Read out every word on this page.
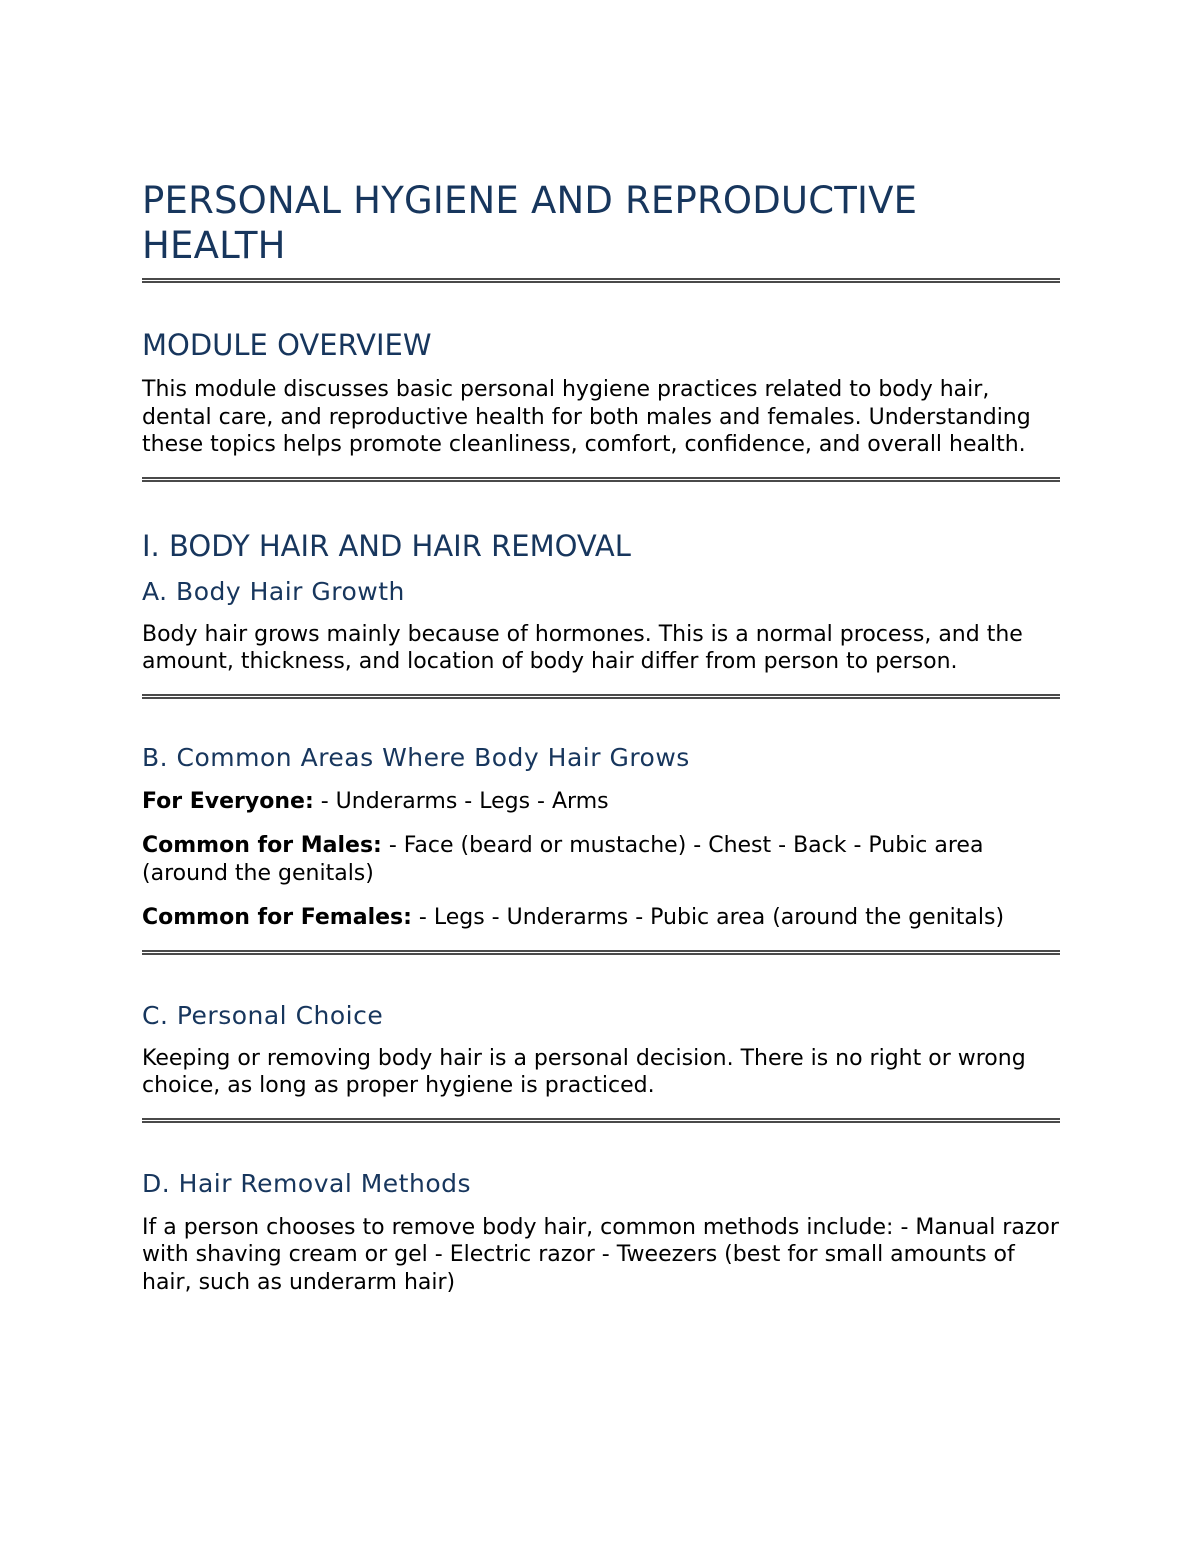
PERSONAL HYGIENE AND REPRODUCTIVE HEALTH
MODULE OVERVIEW

This module discusses basic personal hygiene practices related to body hair, dental care, and reproductive health for both males and females. Understanding these topics helps promote cleanliness, comfort, confidence, and overall health.

I. BODY HAIR AND HAIR REMOVAL
A. Body Hair Growth

Body hair grows mainly because of hormones. This is a normal process, and the amount, thickness, and location of body hair differ from person to person.

B. Common Areas Where Body Hair Grows

For Everyone: - Underarms - Legs - Arms

Common for Males: - Face (beard or mustache) - Chest - Back - Pubic area (around the genitals)

Common for Females: - Legs - Underarms - Pubic area (around the genitals)

C. Personal Choice

Keeping or removing body hair is a personal decision. There is no right or wrong choice, as long as proper hygiene is practiced.

D. Hair Removal Methods

If a person chooses to remove body hair, common methods include: - Manual razor with shaving cream or gel - Electric razor - Tweezers (best for small amounts of hair, such as underarm hair)
